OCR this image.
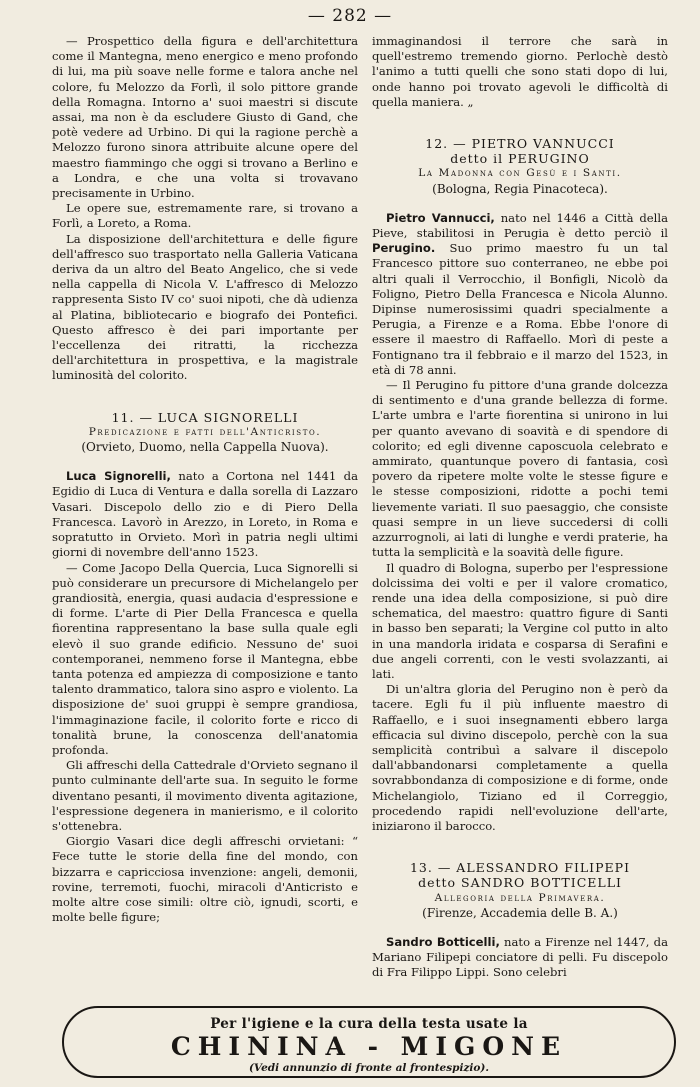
— 282 —

— Prospettico della figura e dell'architettura come il Mantegna, meno energico e meno profondo di lui, ma più soave nelle forme e talora anche nel colore, fu Melozzo da Forlì, il solo pittore grande della Romagna. Intorno a' suoi maestri si discute assai, ma non è da escludere Giusto di Gand, che potè vedere ad Urbino. Di qui la ragione perchè a Melozzo furono sinora attribuite alcune opere del maestro fiammingo che oggi si trovano a Berlino e a Londra, e che una volta si trovavano precisamente in Urbino.

Le opere sue, estremamente rare, si trovano a Forlì, a Loreto, a Roma.

La disposizione dell'architettura e delle figure dell'affresco suo trasportato nella Galleria Vaticana deriva da un altro del Beato Angelico, che si vede nella cappella di Nicola V. L'affresco di Melozzo rappresenta Sisto IV co' suoi nipoti, che dà udienza al Platina, bibliotecario e biografo dei Pontefici. Questo affresco è dei pari importante per l'eccellenza dei ritratti, la ricchezza dell'architettura in prospettiva, e la magistrale luminosità del colorito.

11. — LUCA SIGNORELLI

Predicazione e fatti dell'Anticristo.

(Orvieto, Duomo, nella Cappella Nuova).

Luca Signorelli, nato a Cortona nel 1441 da Egidio di Luca di Ventura e dalla sorella di Lazzaro Vasari. Discepolo dello zio e di Piero Della Francesca. Lavorò in Arezzo, in Loreto, in Roma e sopratutto in Orvieto. Morì in patria negli ultimi giorni di novembre dell'anno 1523.

— Come Jacopo Della Quercia, Luca Signorelli si può considerare un precursore di Michelangelo per grandiosità, energia, quasi audacia d'espressione e di forme. L'arte di Pier Della Francesca e quella fiorentina rappresentano la base sulla quale egli elevò il suo grande edificio. Nessuno de' suoi contemporanei, nemmeno forse il Mantegna, ebbe tanta potenza ed ampiezza di composizione e tanto talento drammatico, talora sino aspro e violento. La disposizione de' suoi gruppi è sempre grandiosa, l'immaginazione facile, il colorito forte e ricco di tonalità brune, la conoscenza dell'anatomia profonda.

Gli affreschi della Cattedrale d'Orvieto segnano il punto culminante dell'arte sua. In seguito le forme diventano pesanti, il movimento diventa agitazione, l'espressione degenera in manierismo, e il colorito s'ottenebra.

Giorgio Vasari dice degli affreschi orvietani: “ Fece tutte le storie della fine del mondo, con bizzarra e capricciosa invenzione: angeli, demonii, rovine, terremoti, fuochi, miracoli d'Anticristo e molte altre cose simili: oltre ciò, ignudi, scorti, e molte belle figure;

immaginandosi il terrore che sarà in quell'estremo tremendo giorno. Perlochè destò l'animo a tutti quelli che sono stati dopo di lui, onde hanno poi trovato agevoli le difficoltà di quella maniera. „

12. — PIETRO VANNUCCI

detto il PERUGINO

La Madonna con Gesù e i Santi.

(Bologna, Regia Pinacoteca).

Pietro Vannucci, nato nel 1446 a Città della Pieve, stabilitosi in Perugia è detto perciò il Perugino. Suo primo maestro fu un tal Francesco pittore suo conterraneo, ne ebbe poi altri quali il Verrocchio, il Bonfigli, Nicolò da Foligno, Pietro Della Francesca e Nicola Alunno. Dipinse numerosissimi quadri specialmente a Perugia, a Firenze e a Roma. Ebbe l'onore di essere il maestro di Raffaello. Morì di peste a Fontignano tra il febbraio e il marzo del 1523, in età di 78 anni.

— Il Perugino fu pittore d'una grande dolcezza di sentimento e d'una grande bellezza di forme. L'arte umbra e l'arte fiorentina si unirono in lui per quanto avevano di soavità e di spendore di colorito; ed egli divenne caposcuola celebrato e ammirato, quantunque povero di fantasia, così povero da ripetere molte volte le stesse figure e le stesse composizioni, ridotte a pochi temi lievemente variati. Il suo paesaggio, che consiste quasi sempre in un lieve succedersi di colli azzurrognoli, ai lati di lunghe e verdi praterie, ha tutta la semplicità e la soavità delle figure.

Il quadro di Bologna, superbo per l'espressione dolcissima dei volti e per il valore cromatico, rende una idea della composizione, si può dire schematica, del maestro: quattro figure di Santi in basso ben separati; la Vergine col putto in alto in una mandorla iridata e cosparsa di Serafini e due angeli correnti, con le vesti svolazzanti, ai lati.

Di un'altra gloria del Perugino non è però da tacere. Egli fu il più influente maestro di Raffaello, e i suoi insegnamenti ebbero larga efficacia sul divino discepolo, perchè con la sua semplicità contribuì a salvare il discepolo dall'abbandonarsi completamente a quella sovrabbondanza di composizione e di forme, onde Michelangiolo, Tiziano ed il Correggio, procedendo rapidi nell'evoluzione dell'arte, iniziarono il barocco.

13. — ALESSANDRO FILIPEPI

detto SANDRO BOTTICELLI

Allegoria della Primavera.

(Firenze, Accademia delle B. A.)

Sandro Botticelli, nato a Firenze nel 1447, da Mariano Filipepi conciatore di pelli. Fu discepolo di Fra Filippo Lippi. Sono celebri

Per l'igiene e la cura della testa usate la
CHININA - MIGONE
(Vedi annunzio di fronte al frontespizio).
